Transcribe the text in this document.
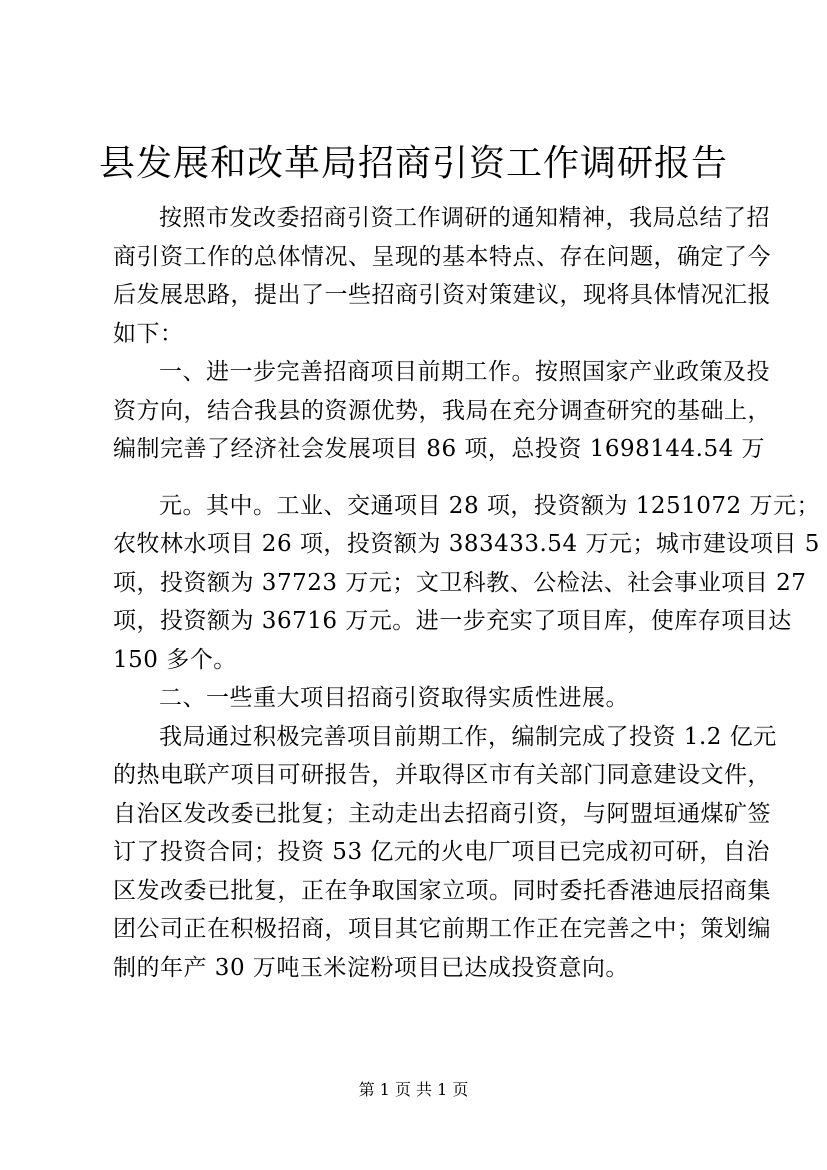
县发展和改革局招商引资工作调研报告
按照市发改委招商引资工作调研的通知精神，我局总结了招
商引资工作的总体情况、呈现的基本特点、存在问题，确定了今
后发展思路，提出了一些招商引资对策建议，现将具体情况汇报
如下：
一、进一步完善招商项目前期工作。按照国家产业政策及投
资方向，结合我县的资源优势，我局在充分调查研究的基础上，
编制完善了经济社会发展项目 86 项，总投资 1698144.54 万
元。其中。工业、交通项目 28 项，投资额为 1251072 万元；
农牧林水项目 26 项，投资额为 383433.54 万元；城市建设项目 5
项，投资额为 37723 万元；文卫科教、公检法、社会事业项目 27
项，投资额为 36716 万元。进一步充实了项目库，使库存项目达
150 多个。
二、一些重大项目招商引资取得实质性进展。
我局通过积极完善项目前期工作，编制完成了投资 1.2 亿元
的热电联产项目可研报告，并取得区市有关部门同意建设文件，
自治区发改委已批复；主动走出去招商引资，与阿盟垣通煤矿签
订了投资合同；投资 53 亿元的火电厂项目已完成初可研，自治
区发改委已批复，正在争取国家立项。同时委托香港迪辰招商集
团公司正在积极招商，项目其它前期工作正在完善之中；策划编
制的年产 30 万吨玉米淀粉项目已达成投资意向。
第 1 页 共 1 页
